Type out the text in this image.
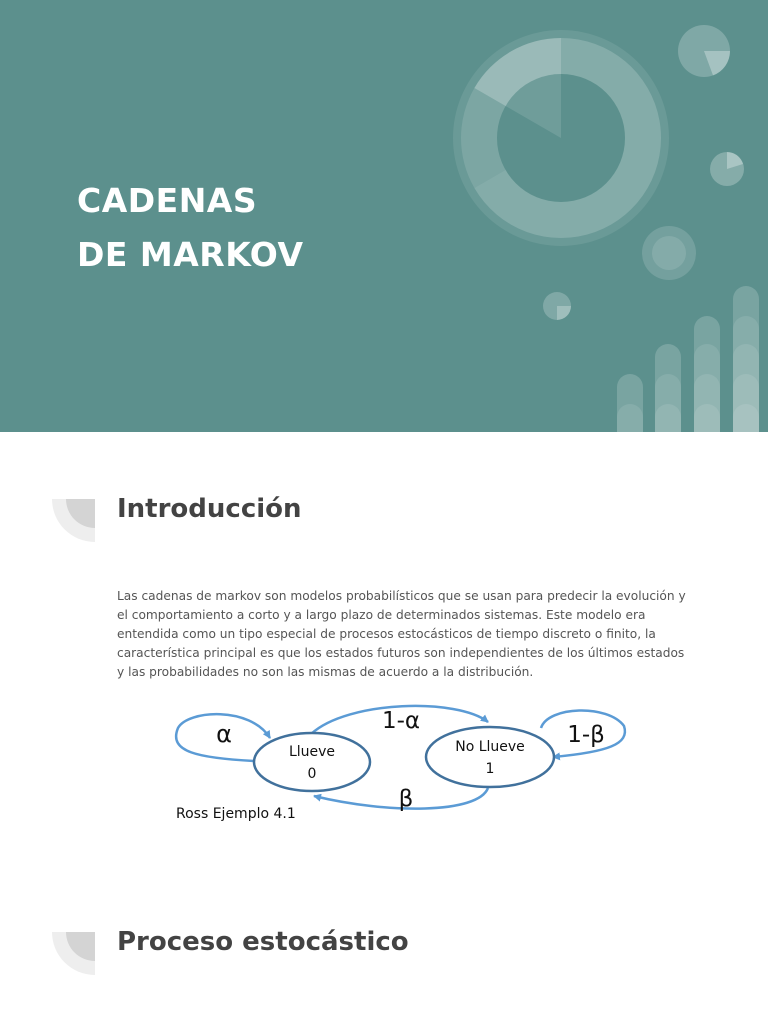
CADENAS
DE MARKOV
Introducción

Las cadenas de markov son modelos probabilísticos que se usan para predecir la evolución y el comportamiento a corto y a largo plazo de determinados sistemas. Este modelo era entendida como un tipo especial de procesos estocásticos de tiempo discreto o finito, la característica principal es que los estados futuros son independientes de los últimos estados y las probabilidades no son las mismas de acuerdo a la distribución.

Llueve
0
No Llueve
1
α	1-α
1-β
β
Ross Ejemplo 4.1
Proceso estocástico
